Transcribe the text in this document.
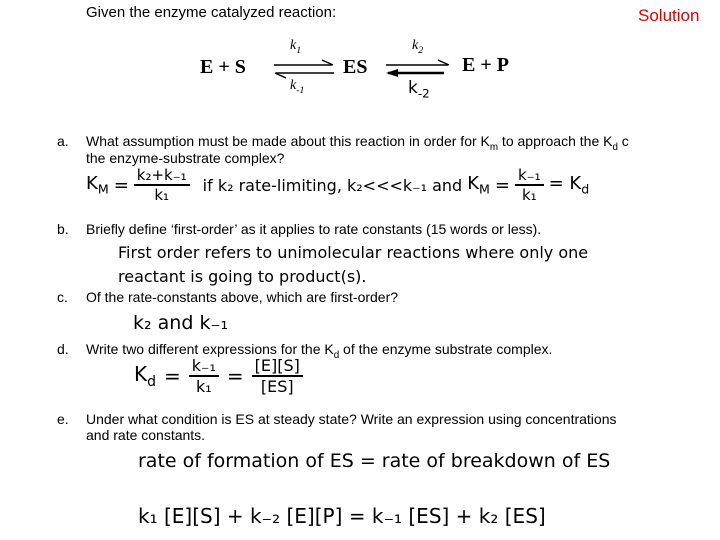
Given the enzyme catalyzed reaction:	Solution
E + S	ES	E + P
$k_1$
$k_{-1}$
$k_2$
$k_{-2}$
a. What assumption must be made about this reaction in order for $K_m$ to approach the $K_d$ c
the enzyme-substrate complex?
$K_M = \frac{\text{k₂+k₋₁}}{\text{k₁}}$ if k₂ rate-limiting, k₂<<<k₋₁ and $K_M = \frac{\text{k₋₁}}{\text{k₁}} = K_d$
b. Briefly define ‘first-order’ as it applies to rate constants (15 words or less).
First order refers to unimolecular reactions where only one
reactant is going to product(s).
c. Of the rate-constants above, which are first-order?
k₂ and k₋₁
d. Write two different expressions for the $K_d$ of the enzyme substrate complex.
$K_d = \frac{\text{k₋₁}}{\text{k₁}} = \frac{[E][S]}{[ES]}$
e. Under what condition is ES at steady state? Write an expression using concentrations
and rate constants.
rate of formation of ES = rate of breakdown of ES
k₁ [E][S] + k₋₂ [E][P] = k₋₁ [ES] + k₂ [ES]
